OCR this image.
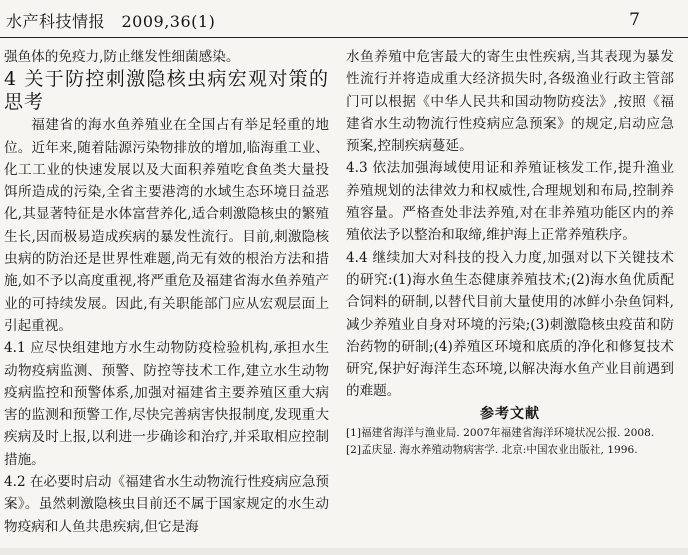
水产科技情报　2009,36(1)	7

强鱼体的免疫力,防止继发性细菌感染。

4 关于防控刺激隐核虫病宏观对策的思考

福建省的海水鱼养殖业在全国占有举足轻重的地位。近年来,随着陆源污染物排放的增加,临海重工业、化工工业的快速发展以及大面积养殖吃食鱼类大量投饵所造成的污染,全省主要港湾的水域生态环境日益恶化,其显著特征是水体富营养化,适合刺激隐核虫的繁殖生长,因而极易造成疾病的暴发性流行。目前,刺激隐核虫病的防治还是世界性难题,尚无有效的根治方法和措施,如不予以高度重视,将严重危及福建省海水鱼养殖产业的可持续发展。因此,有关职能部门应从宏观层面上引起重视。

4.1 应尽快组建地方水生动物防疫检验机构,承担水生动物疫病监测、预警、防控等技术工作,建立水生动物疫病监控和预警体系,加强对福建省主要养殖区重大病害的监测和预警工作,尽快完善病害快报制度,发现重大疾病及时上报,以利进一步确诊和治疗,并采取相应控制措施。

4.2 在必要时启动《福建省水生动物流行性疫病应急预案》。虽然刺激隐核虫目前还不属于国家规定的水生动物疫病和人鱼共患疾病,但它是海

水鱼养殖中危害最大的寄生虫性疾病,当其表现为暴发性流行并将造成重大经济损失时,各级渔业行政主管部门可以根据《中华人民共和国动物防疫法》,按照《福建省水生动物流行性疫病应急预案》的规定,启动应急预案,控制疾病蔓延。

4.3 依法加强海域使用证和养殖证核发工作,提升渔业养殖规划的法律效力和权威性,合理规划和布局,控制养殖容量。严格查处非法养殖,对在非养殖功能区内的养殖依法予以整治和取缔,维护海上正常养殖秩序。

4.4 继续加大对科技的投入力度,加强对以下关键技术的研究:(1)海水鱼生态健康养殖技术;(2)海水鱼优质配合饲料的研制,以替代目前大量使用的冰鲜小杂鱼饲料,减少养殖业自身对环境的污染;(3)刺激隐核虫疫苗和防治药物的研制;(4)养殖区环境和底质的净化和修复技术研究,保护好海洋生态环境,以解决海水鱼产业目前遇到的难题。

参考文献

[1]福建省海洋与渔业局. 2007年福建省海洋环境状况公报. 2008.

[2]孟庆显. 海水养殖动物病害学. 北京:中国农业出版社, 1996.
